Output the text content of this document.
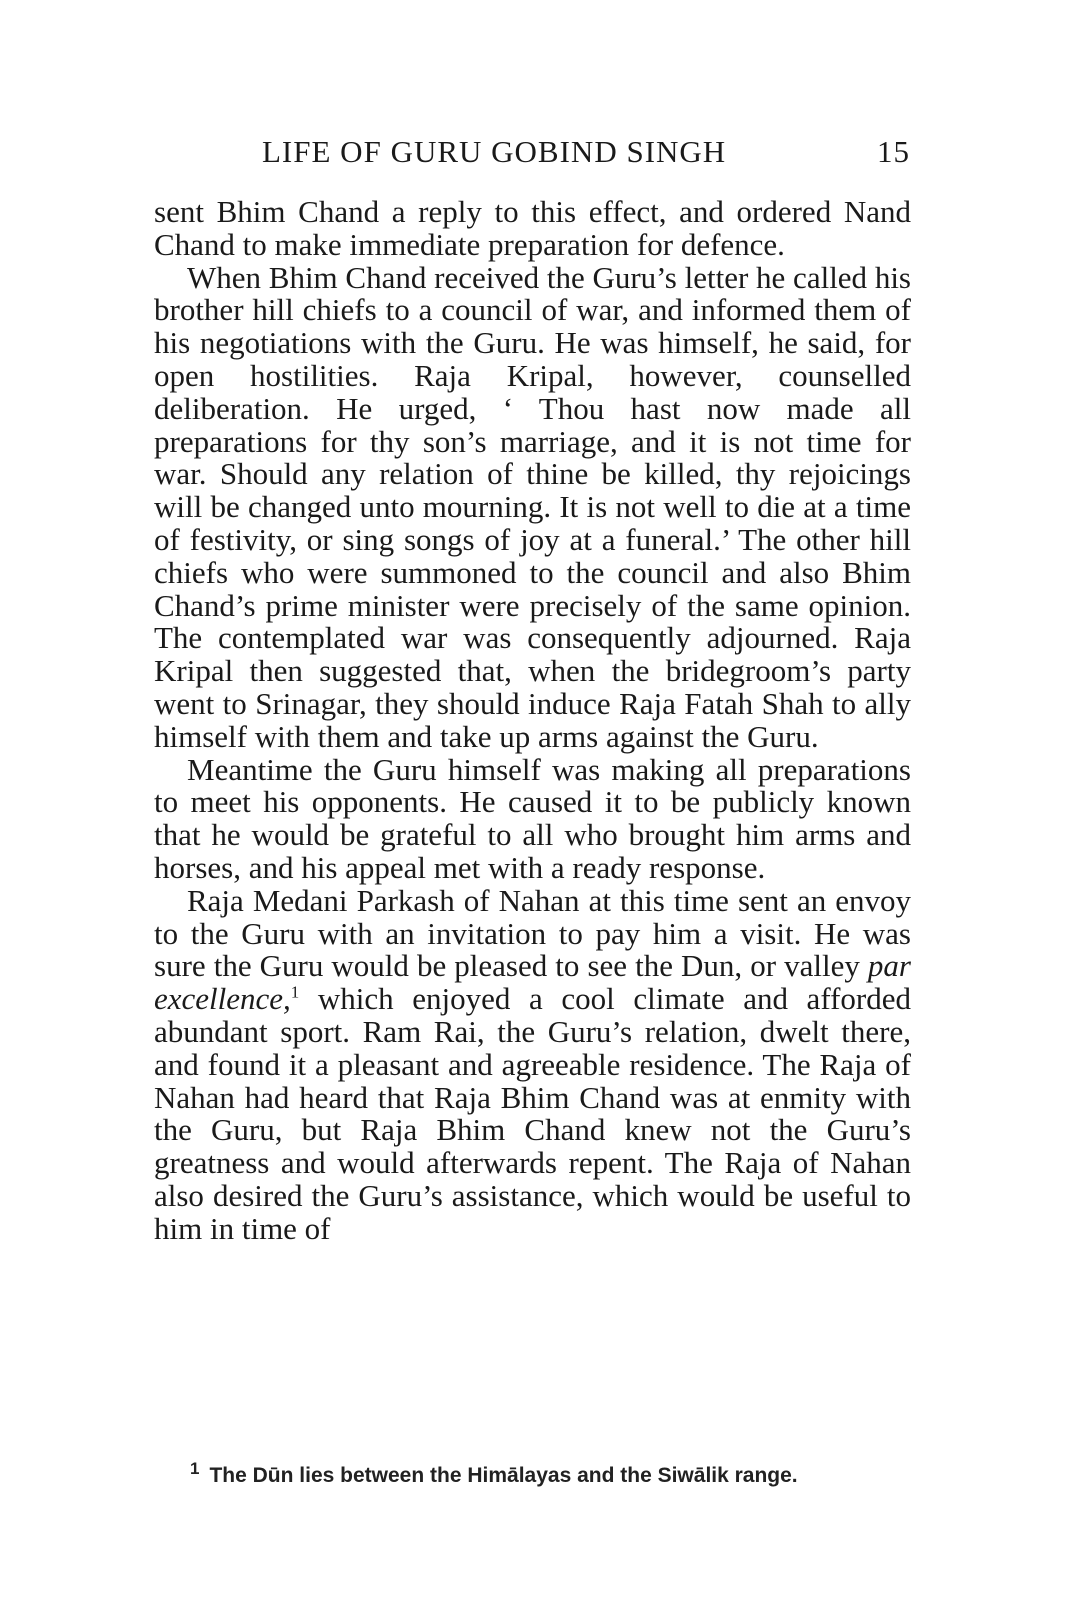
LIFE OF GURU GOBIND SINGH	15

sent Bhim Chand a reply to this effect, and ordered Nand Chand to make immediate preparation for defence.

When Bhim Chand received the Guru’s letter he called his brother hill chiefs to a council of war, and informed them of his negotiations with the Guru. He was himself, he said, for open hostilities. Raja Kripal, however, counselled deliberation. He urged, ‘ Thou hast now made all preparations for thy son’s marriage, and it is not time for war. Should any relation of thine be killed, thy rejoicings will be changed unto mourning. It is not well to die at a time of festivity, or sing songs of joy at a funeral.’ The other hill chiefs who were summoned to the council and also Bhim Chand’s prime minister were precisely of the same opinion. The contemplated war was consequently adjourned. Raja Kripal then suggested that, when the bridegroom’s party went to Srinagar, they should induce Raja Fatah Shah to ally himself with them and take up arms against the Guru.

Meantime the Guru himself was making all preparations to meet his opponents. He caused it to be publicly known that he would be grateful to all who brought him arms and horses, and his appeal met with a ready response.

Raja Medani Parkash of Nahan at this time sent an envoy to the Guru with an invitation to pay him a visit. He was sure the Guru would be pleased to see the Dun, or valley par excellence,$^1$ which enjoyed a cool climate and afforded abundant sport. Ram Rai, the Guru’s relation, dwelt there, and found it a pleasant and agreeable residence. The Raja of Nahan had heard that Raja Bhim Chand was at enmity with the Guru, but Raja Bhim Chand knew not the Guru’s greatness and would afterwards repent. The Raja of Nahan also desired the Guru’s assistance, which would be useful to him in time of

$^1$ The Dūn lies between the Himālayas and the Siwālik range.
